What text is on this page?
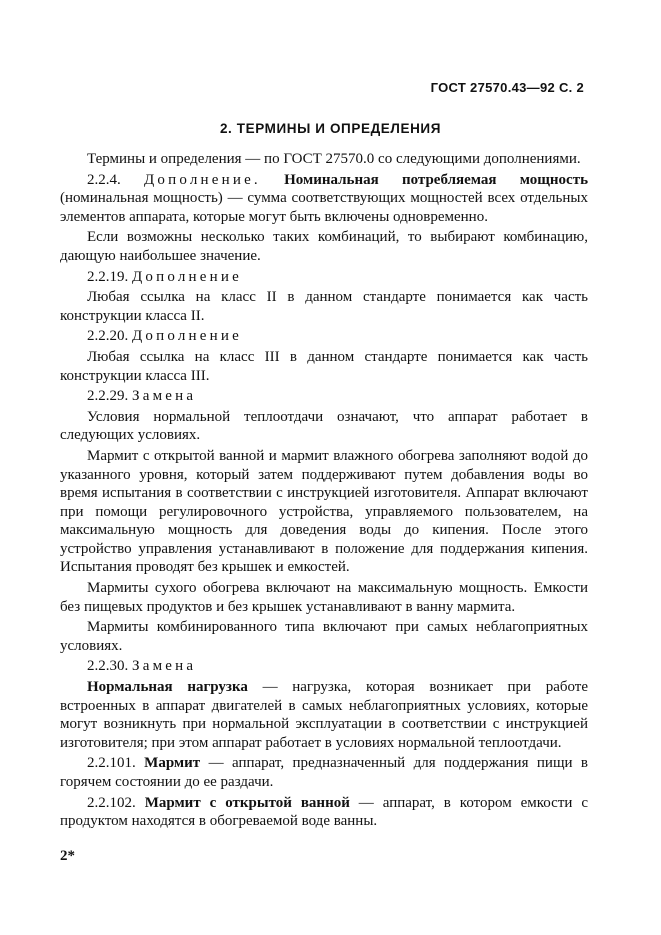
ГОСТ 27570.43—92 С. 2
2. ТЕРМИНЫ И ОПРЕДЕЛЕНИЯ

Термины и определения — по ГОСТ 27570.0 со следующими дополнениями.

2.2.4. Дополнение. Номинальная потребляемая мощность (номинальная мощность) — сумма соответствующих мощностей всех отдельных элементов аппарата, которые могут быть включены одновременно.

Если возможны несколько таких комбинаций, то выбирают комбинацию, дающую наибольшее значение.

2.2.19. Дополнение

Любая ссылка на класс II в данном стандарте понимается как часть конструкции класса II.

2.2.20. Дополнение

Любая ссылка на класс III в данном стандарте понимается как часть конструкции класса III.

2.2.29. Замена

Условия нормальной теплоотдачи означают, что аппарат работает в следующих условиях.

Мармит с открытой ванной и мармит влажного обогрева заполняют водой до указанного уровня, который затем поддерживают путем добавления воды во время испытания в соответствии с инструкцией изготовителя. Аппарат включают при помощи регулировочного устройства, управляемого пользователем, на максимальную мощность для доведения воды до кипения. После этого устройство управления устанавливают в положение для поддержания кипения. Испытания проводят без крышек и емкостей.

Мармиты сухого обогрева включают на максимальную мощность. Емкости без пищевых продуктов и без крышек устанавливают в ванну мармита.

Мармиты комбинированного типа включают при самых неблагоприятных условиях.

2.2.30. Замена

Нормальная нагрузка — нагрузка, которая возникает при работе встроенных в аппарат двигателей в самых неблагоприятных условиях, которые могут возникнуть при нормальной эксплуатации в соответствии с инструкцией изготовителя; при этом аппарат работает в условиях нормальной теплоотдачи.

2.2.101. Мармит — аппарат, предназначенный для поддержания пищи в горячем состоянии до ее раздачи.

2.2.102. Мармит с открытой ванной — аппарат, в котором емкости с продуктом находятся в обогреваемой воде ванны.

2*
